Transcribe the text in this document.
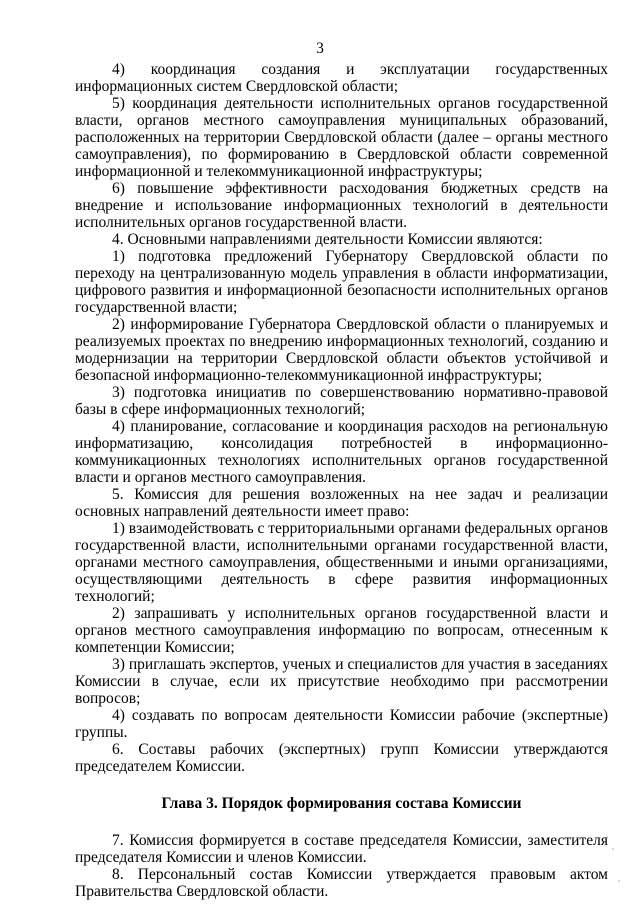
3

4) координация создания и эксплуатации государственных информационных систем Свердловской области;

5) координация деятельности исполнительных органов государственной власти, органов местного самоуправления муниципальных образований, расположенных на территории Свердловской области (далее – органы местного самоуправления), по формированию в Свердловской области современной информационной и телекоммуникационной инфраструктуры;

6) повышение эффективности расходования бюджетных средств на внедрение и использование информационных технологий в деятельности исполнительных органов государственной власти.

4. Основными направлениями деятельности Комиссии являются:

1) подготовка предложений Губернатору Свердловской области по переходу на централизованную модель управления в области информатизации, цифрового развития и информационной безопасности исполнительных органов государственной власти;

2) информирование Губернатора Свердловской области о планируемых и реализуемых проектах по внедрению информационных технологий, созданию и модернизации на территории Свердловской области объектов устойчивой и безопасной информационно-телекоммуникационной инфраструктуры;

3) подготовка инициатив по совершенствованию нормативно-правовой базы в сфере информационных технологий;

4) планирование, согласование и координация расходов на региональную информатизацию, консолидация потребностей в информационно-коммуникационных технологиях исполнительных органов государственной власти и органов местного самоуправления.

5. Комиссия для решения возложенных на нее задач и реализации основных направлений деятельности имеет право:

1) взаимодействовать с территориальными органами федеральных органов государственной власти, исполнительными органами государственной власти, органами местного самоуправления, общественными и иными организациями, осуществляющими деятельность в сфере развития информационных технологий;

2) запрашивать у исполнительных органов государственной власти и органов местного самоуправления информацию по вопросам, отнесенным к компетенции Комиссии;

3) приглашать экспертов, ученых и специалистов для участия в заседаниях Комиссии в случае, если их присутствие необходимо при рассмотрении вопросов;

4) создавать по вопросам деятельности Комиссии рабочие (экспертные) группы.

6. Составы рабочих (экспертных) групп Комиссии утверждаются председателем Комиссии.

Глава 3. Порядок формирования состава Комиссии

7. Комиссия формируется в составе председателя Комиссии, заместителя председателя Комиссии и членов Комиссии.

8. Персональный состав Комиссии утверждается правовым актом Правительства Свердловской области.
